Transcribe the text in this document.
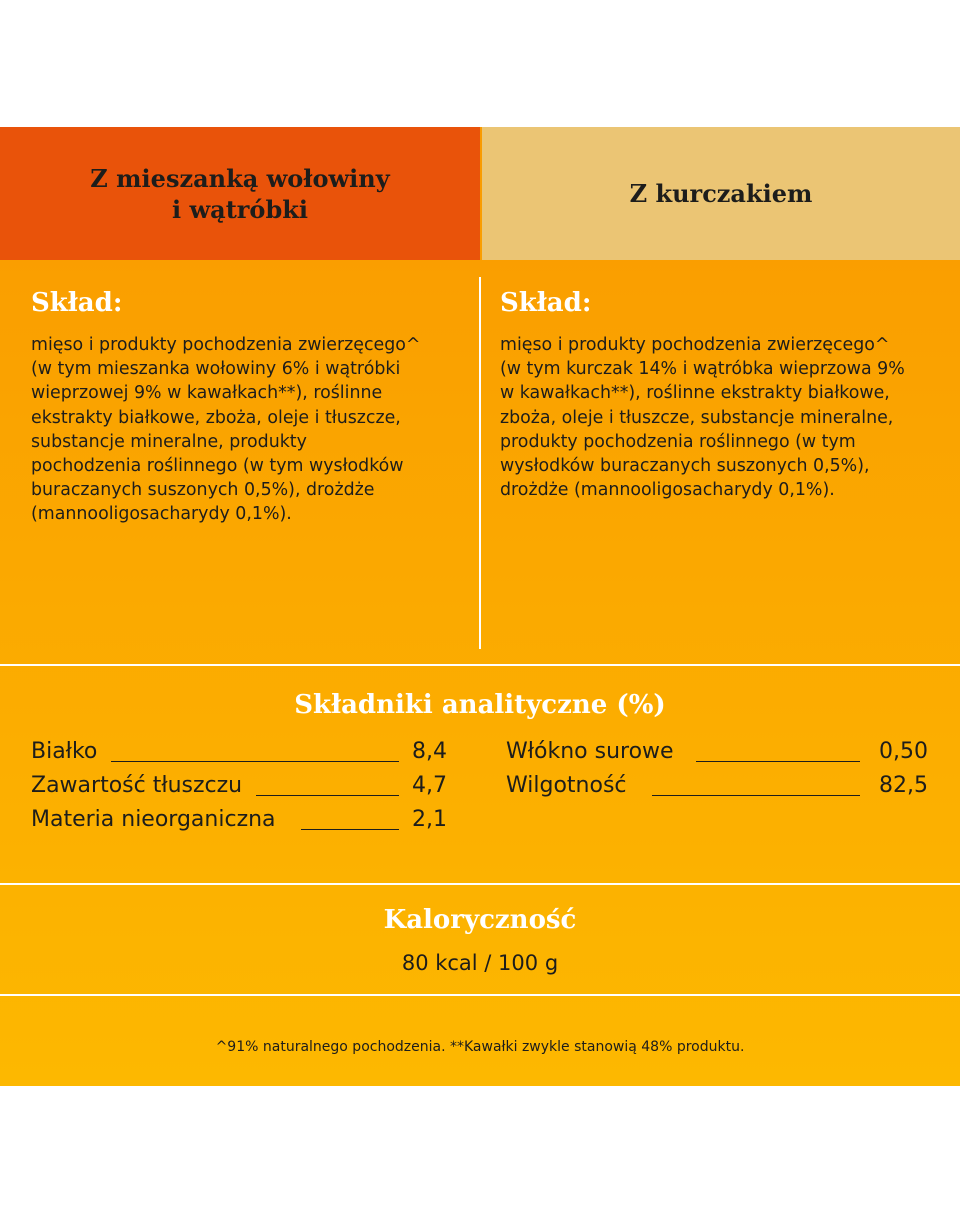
Z mieszanką wołowiny
i wątróbki
Z kurczakiem
Skład:

mięso i produkty pochodzenia zwierzęcego^
(w tym mieszanka wołowiny 6% i wątróbki
wieprzowej 9% w kawałkach**), roślinne
ekstrakty białkowe, zboża, oleje i tłuszcze,
substancje mineralne, produkty
pochodzenia roślinnego (w tym wysłodków
buraczanych suszonych 0,5%), drożdże
(mannooligosacharydy 0,1%).

Skład:

mięso i produkty pochodzenia zwierzęcego^
(w tym kurczak 14% i wątróbka wieprzowa 9%
w kawałkach**), roślinne ekstrakty białkowe,
zboża, oleje i tłuszcze, substancje mineralne,
produkty pochodzenia roślinnego (w tym
wysłodków buraczanych suszonych 0,5%),
drożdże (mannooligosacharydy 0,1%).

Składniki analityczne (%)
Białko	8,4
Zawartość tłuszczu	4,7
Materia nieorganiczna	2,1
Włókno surowe	0,50
Wilgotność	82,5
Kaloryczność
80 kcal / 100 g
^91% naturalnego pochodzenia. **Kawałki zwykle stanowią 48% produktu.
